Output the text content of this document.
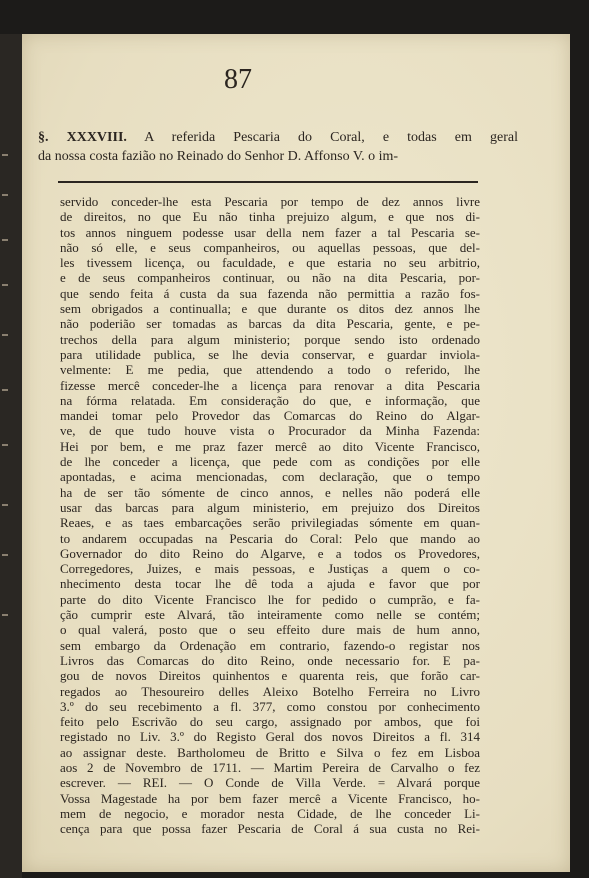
87
§. XXXVIII. A referida Pescaria do Coral, e todas em geral
da nossa costa fazião no Reinado do Senhor D. Affonso V. o im-
servido conceder-lhe esta Pescaria por tempo de dez annos livre
de direitos, no que Eu não tinha prejuizo algum, e que nos di-
tos annos ninguem podesse usar della nem fazer a tal Pescaria se-
não só elle, e seus companheiros, ou aquellas pessoas, que del-
les tivessem licença, ou faculdade, e que estaria no seu arbitrio,
e de seus companheiros continuar, ou não na dita Pescaria, por-
que sendo feita á custa da sua fazenda não permittia a razão fos-
sem obrigados a continualla; e que durante os ditos dez annos lhe
não poderião ser tomadas as barcas da dita Pescaria, gente, e pe-
trechos della para algum ministerio; porque sendo isto ordenado
para utilidade publica, se lhe devia conservar, e guardar inviola-
velmente: E me pedia, que attendendo a todo o referido, lhe
fizesse mercê conceder-lhe a licença para renovar a dita Pescaria
na fórma relatada. Em consideração do que, e informação, que
mandei tomar pelo Provedor das Comarcas do Reino do Algar-
ve, de que tudo houve vista o Procurador da Minha Fazenda:
Hei por bem, e me praz fazer mercê ao dito Vicente Francisco,
de lhe conceder a licença, que pede com as condições por elle
apontadas, e acima mencionadas, com declaração, que o tempo
ha de ser tão sómente de cinco annos, e nelles não poderá elle
usar das barcas para algum ministerio, em prejuizo dos Direitos
Reaes, e as taes embarcações serão privilegiadas sómente em quan-
to andarem occupadas na Pescaria do Coral: Pelo que mando ao
Governador do dito Reino do Algarve, e a todos os Provedores,
Corregedores, Juizes, e mais pessoas, e Justiças a quem o co-
nhecimento desta tocar lhe dê toda a ajuda e favor que por
parte do dito Vicente Francisco lhe for pedido o cumprão, e fa-
ção cumprir este Alvará, tão inteiramente como nelle se contém;
o qual valerá, posto que o seu effeito dure mais de hum anno,
sem embargo da Ordenação em contrario, fazendo-o registar nos
Livros das Comarcas do dito Reino, onde necessario for. E pa-
gou de novos Direitos quinhentos e quarenta reis, que forão car-
regados ao Thesoureiro delles Aleixo Botelho Ferreira no Livro
3.º do seu recebimento a fl. 377, como constou por conhecimento
feito pelo Escrivão do seu cargo, assignado por ambos, que foi
registado no Liv. 3.º do Registo Geral dos novos Direitos a fl. 314
ao assignar deste. Bartholomeu de Britto e Silva o fez em Lisboa
aos 2 de Novembro de 1711. — Martim Pereira de Carvalho o fez
escrever. — REI. — O Conde de Villa Verde. = Alvará porque
Vossa Magestade ha por bem fazer mercê a Vicente Francisco, ho-
mem de negocio, e morador nesta Cidade, de lhe conceder Li-
cença para que possa fazer Pescaria de Coral á sua custa no Rei-
